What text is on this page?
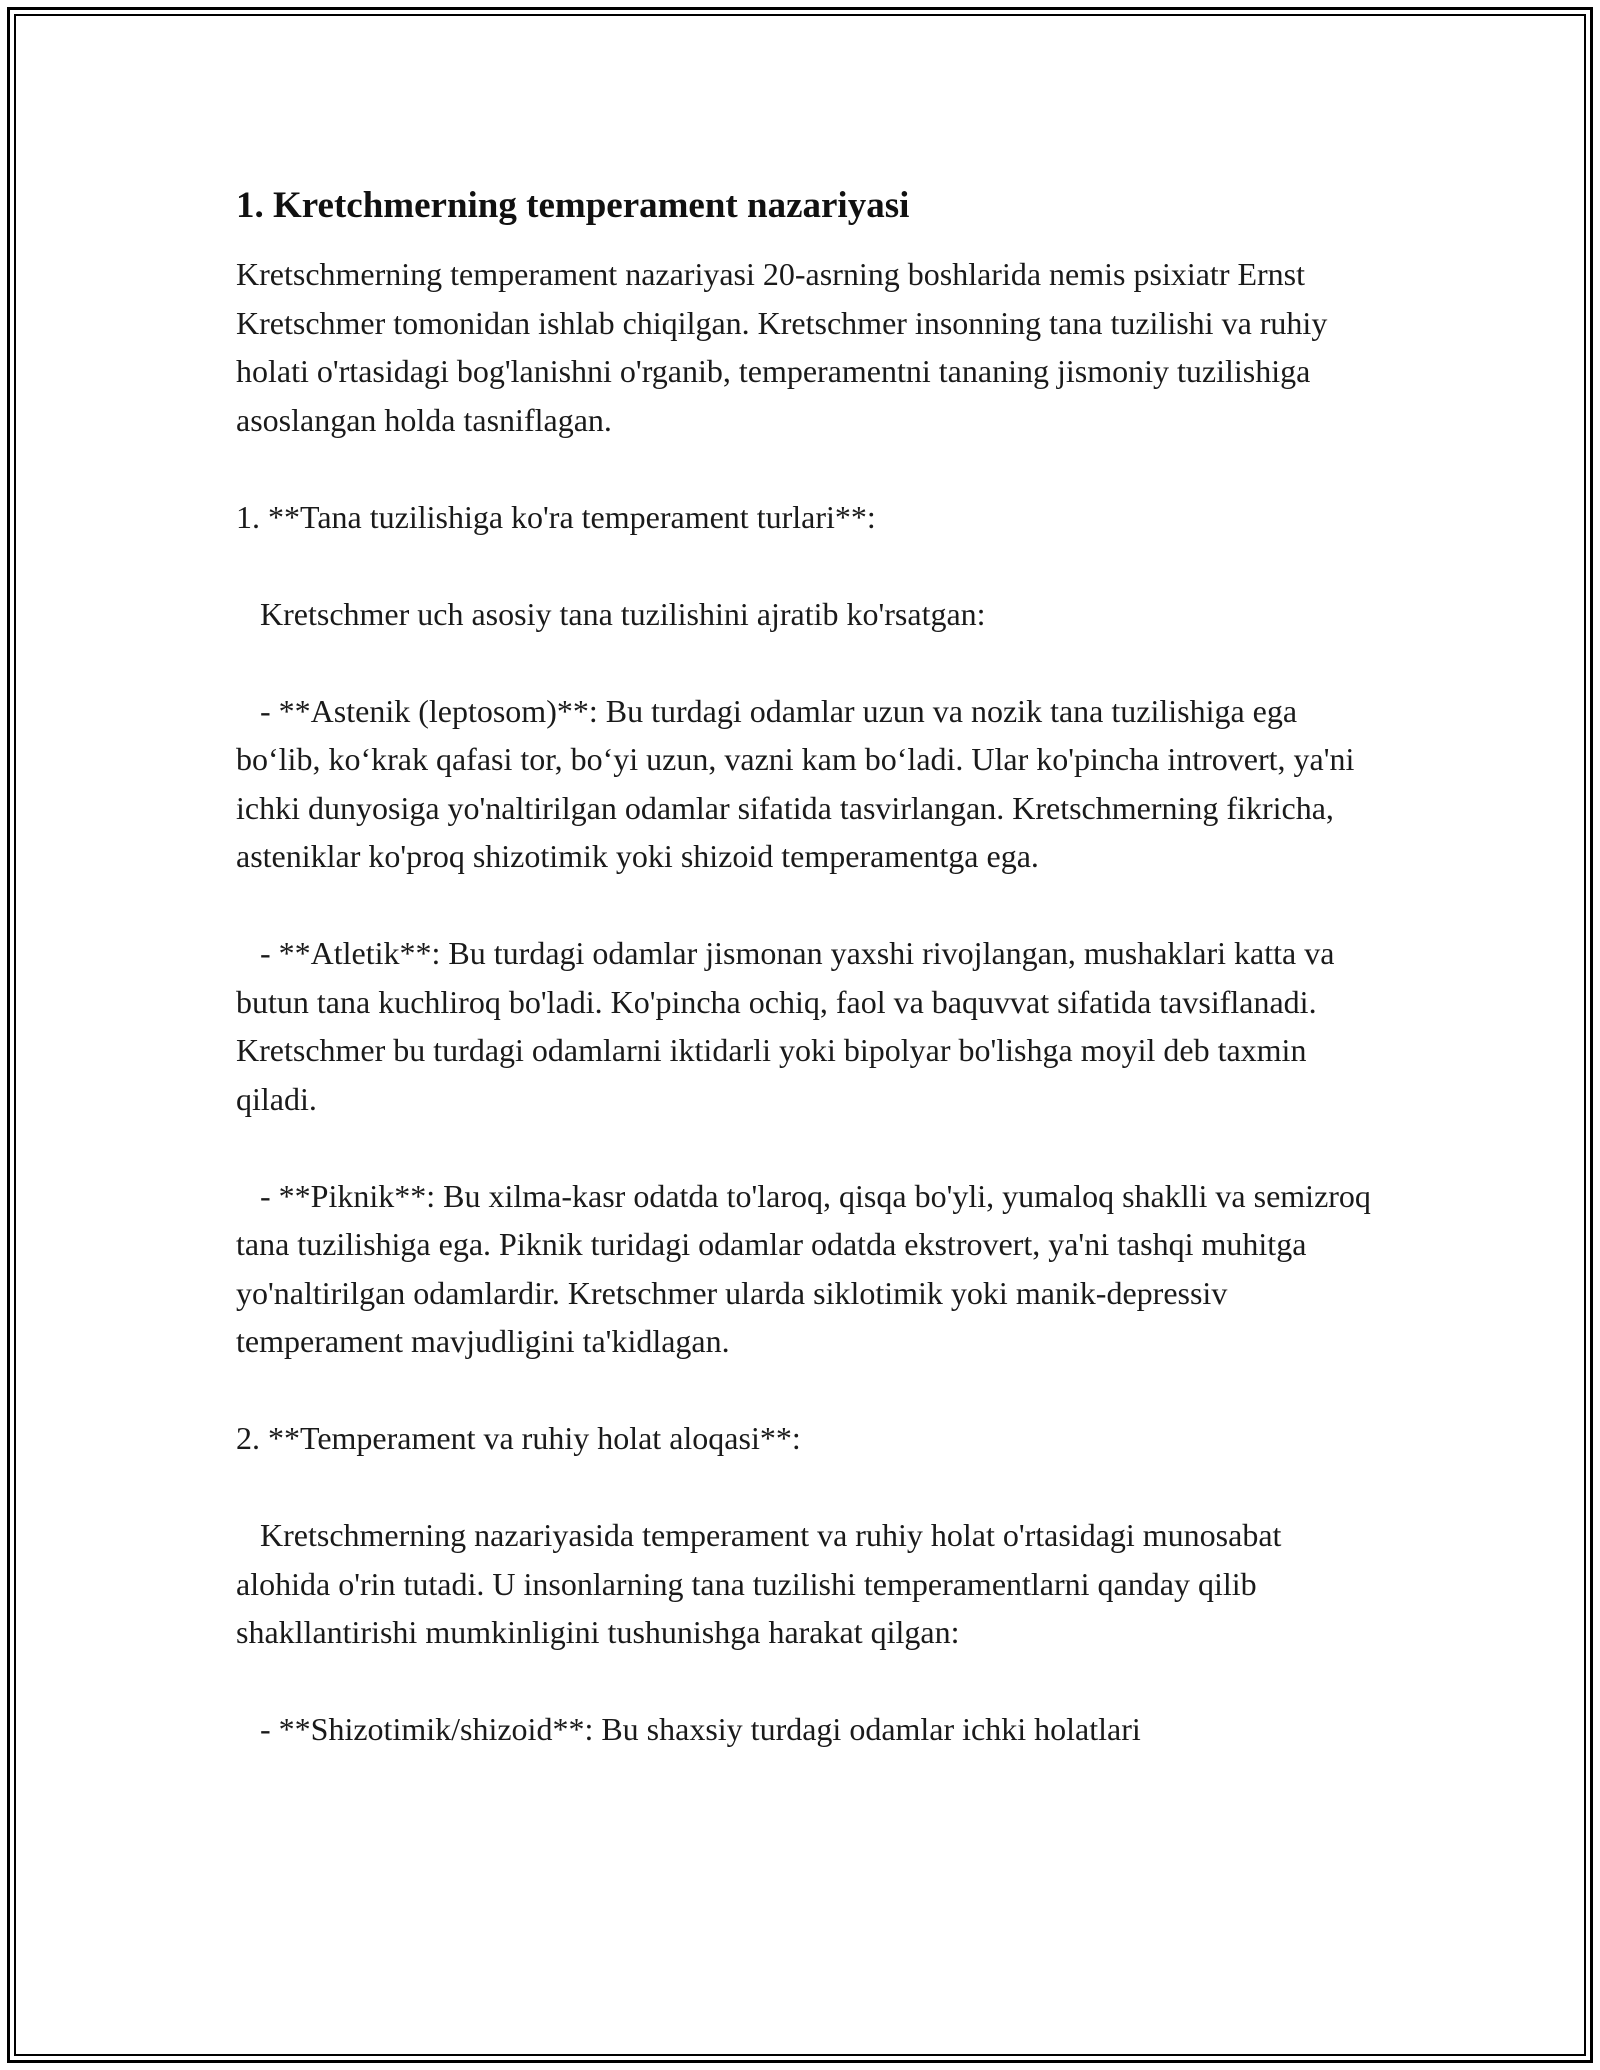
1. Kretchmerning temperament nazariyasi

Kretschmerning temperament nazariyasi 20-asrning boshlarida nemis psixiatr Ernst Kretschmer tomonidan ishlab chiqilgan. Kretschmer insonning tana tuzilishi va ruhiy holati o'rtasidagi bog'lanishni o'rganib, temperamentni tananing jismoniy tuzilishiga asoslangan holda tasniflagan.

1. **Tana tuzilishiga ko'ra temperament turlari**:

Kretschmer uch asosiy tana tuzilishini ajratib ko'rsatgan:

- **Astenik (leptosom)**: Bu turdagi odamlar uzun va nozik tana tuzilishiga ega boʻlib, koʻkrak qafasi tor, boʻyi uzun, vazni kam boʻladi. Ular ko'pincha introvert, ya'ni ichki dunyosiga yo'naltirilgan odamlar sifatida tasvirlangan. Kretschmerning fikricha, asteniklar ko'proq shizotimik yoki shizoid temperamentga ega.

- **Atletik**: Bu turdagi odamlar jismonan yaxshi rivojlangan, mushaklari katta va butun tana kuchliroq bo'ladi. Ko'pincha ochiq, faol va baquvvat sifatida tavsiflanadi. Kretschmer bu turdagi odamlarni iktidarli yoki bipolyar bo'lishga moyil deb taxmin qiladi.

- **Piknik**: Bu xilma-kasr odatda to'laroq, qisqa bo'yli, yumaloq shaklli va semizroq tana tuzilishiga ega. Piknik turidagi odamlar odatda ekstrovert, ya'ni tashqi muhitga yo'naltirilgan odamlardir. Kretschmer ularda siklotimik yoki manik-depressiv temperament mavjudligini ta'kidlagan.

2. **Temperament va ruhiy holat aloqasi**:

Kretschmerning nazariyasida temperament va ruhiy holat o'rtasidagi munosabat alohida o'rin tutadi. U insonlarning tana tuzilishi temperamentlarni qanday qilib shakllantirishi mumkinligini tushunishga harakat qilgan:

- **Shizotimik/shizoid**: Bu shaxsiy turdagi odamlar ichki holatlari
